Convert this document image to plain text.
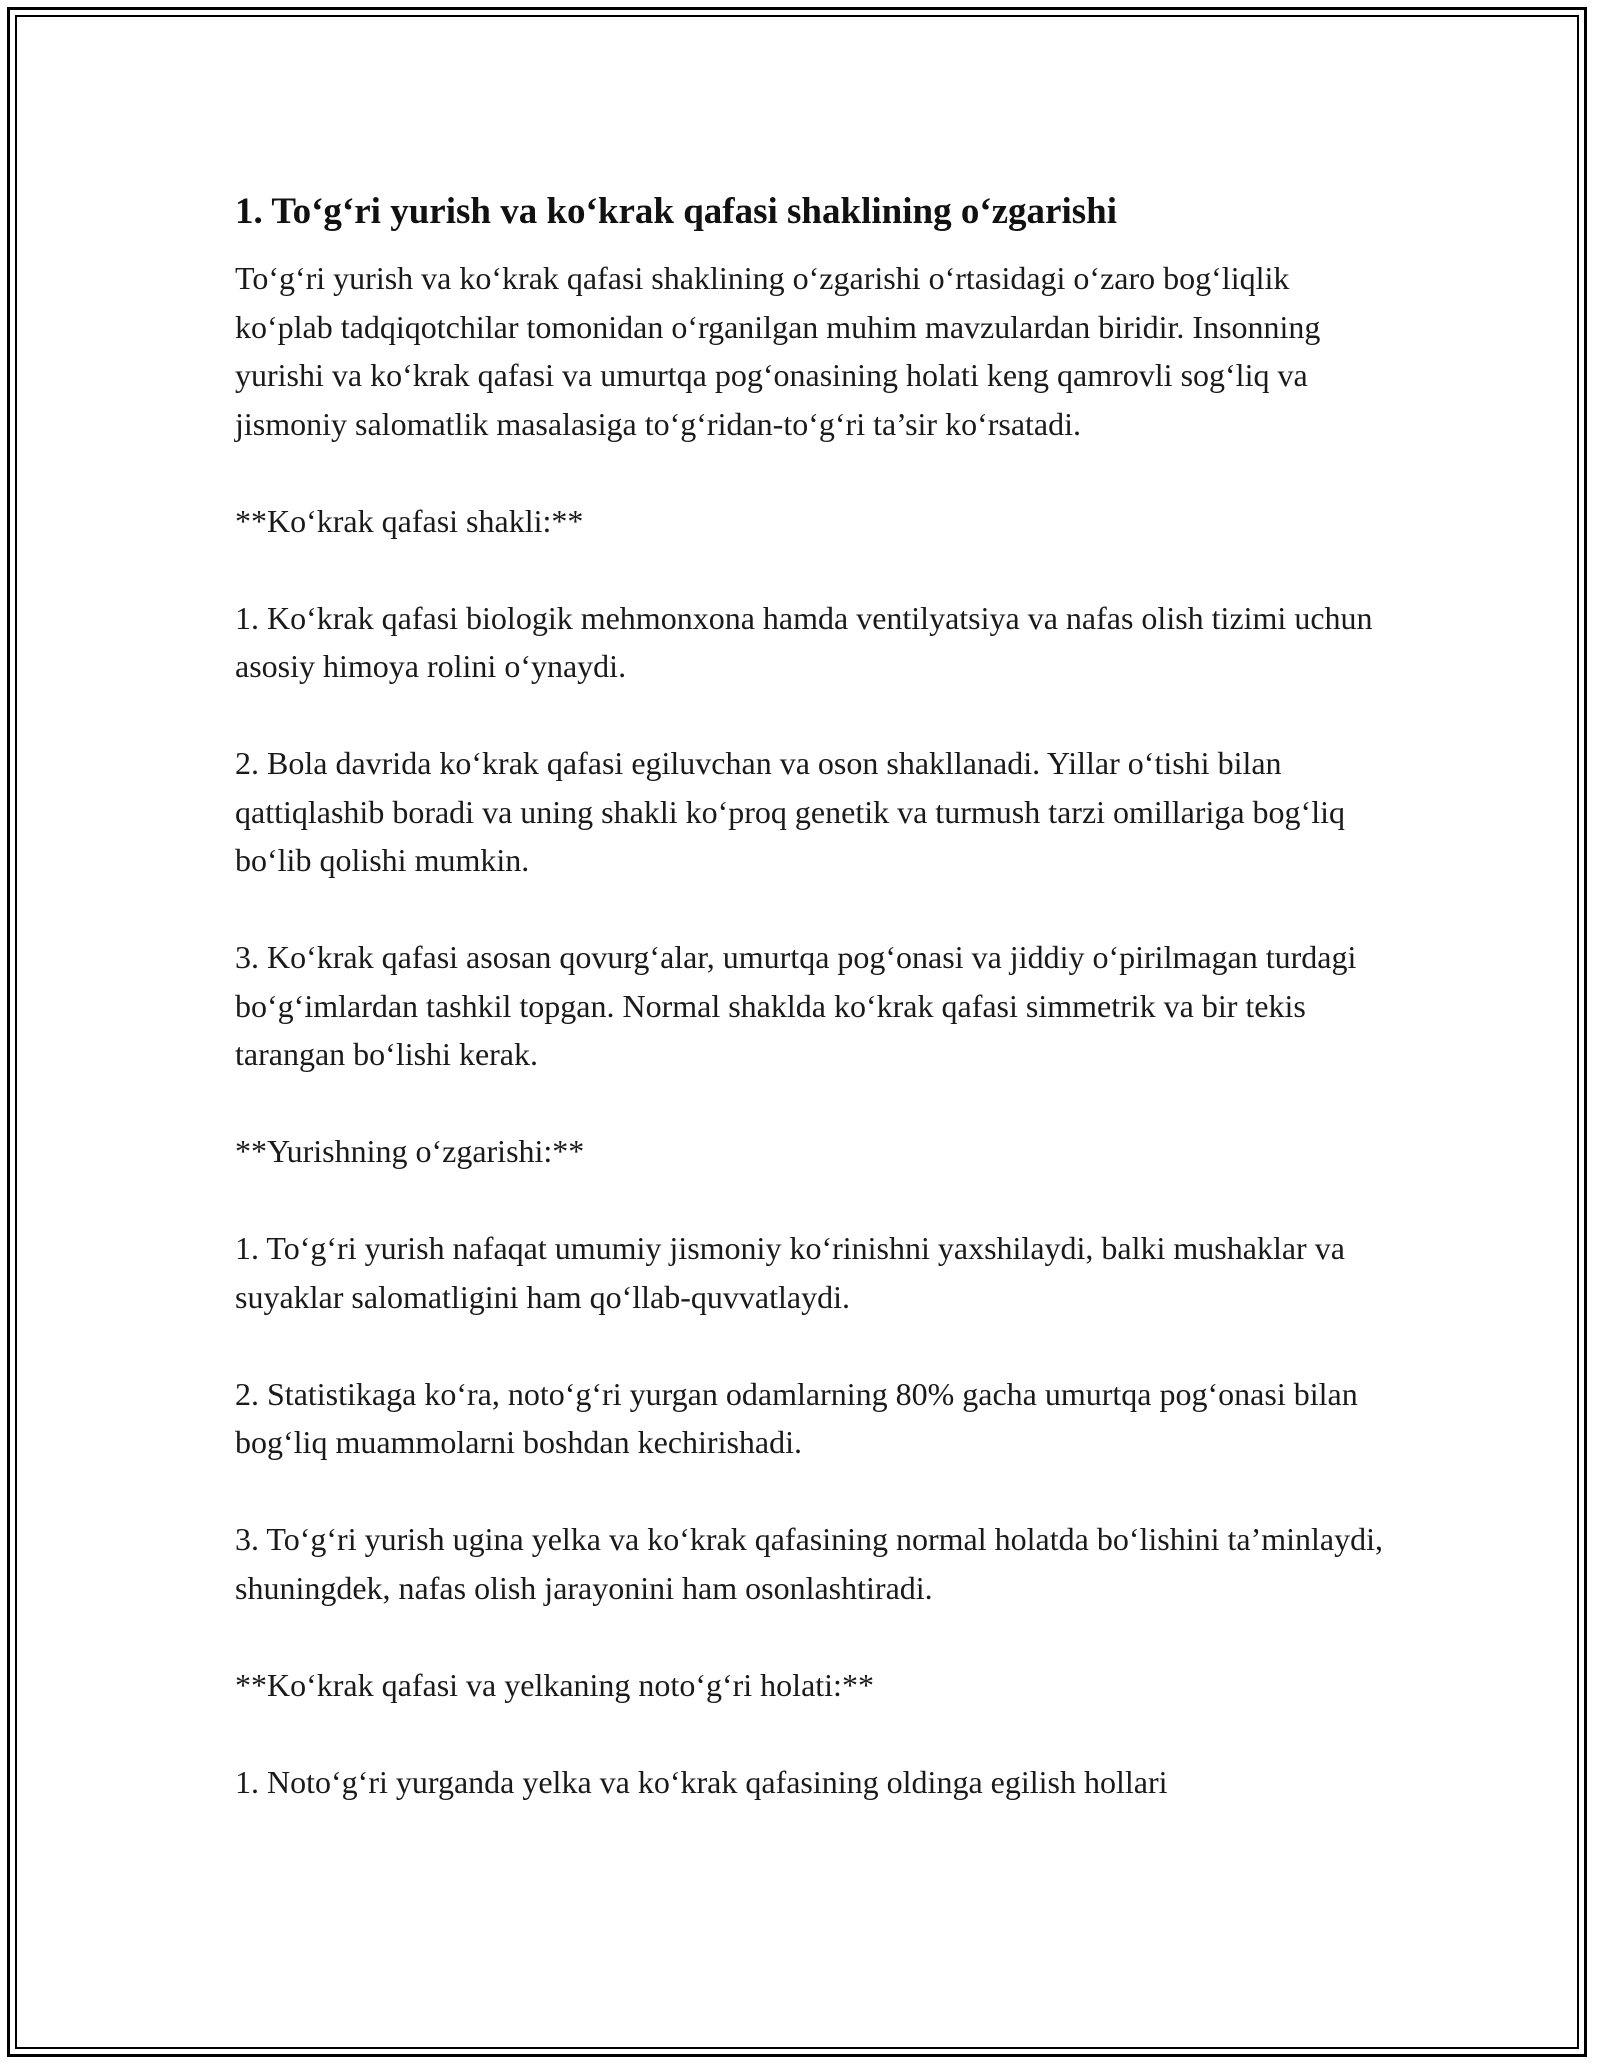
1. To‘g‘ri yurish va ko‘krak qafasi shaklining o‘zgarishi

To‘g‘ri yurish va ko‘krak qafasi shaklining o‘zgarishi o‘rtasidagi o‘zaro bog‘liqlik ko‘plab tadqiqotchilar tomonidan o‘rganilgan muhim mavzulardan biridir. Insonning yurishi va ko‘krak qafasi va umurtqa pog‘onasining holati keng qamrovli sog‘liq va jismoniy salomatlik masalasiga to‘g‘ridan-to‘g‘ri ta’sir ko‘rsatadi.

**Ko‘krak qafasi shakli:**

1. Ko‘krak qafasi biologik mehmonxona hamda ventilyatsiya va nafas olish tizimi uchun asosiy himoya rolini o‘ynaydi.

2. Bola davrida ko‘krak qafasi egiluvchan va oson shakllanadi. Yillar o‘tishi bilan qattiqlashib boradi va uning shakli ko‘proq genetik va turmush tarzi omillariga bog‘liq bo‘lib qolishi mumkin.

3. Ko‘krak qafasi asosan qovurg‘alar, umurtqa pog‘onasi va jiddiy o‘pirilmagan turdagi bo‘g‘imlardan tashkil topgan. Normal shaklda ko‘krak qafasi simmetrik va bir tekis tarangan bo‘lishi kerak.

**Yurishning o‘zgarishi:**

1. To‘g‘ri yurish nafaqat umumiy jismoniy ko‘rinishni yaxshilaydi, balki mushaklar va suyaklar salomatligini ham qo‘llab-quvvatlaydi.

2. Statistikaga ko‘ra, noto‘g‘ri yurgan odamlarning 80% gacha umurtqa pog‘onasi bilan bog‘liq muammolarni boshdan kechirishadi.

3. To‘g‘ri yurish ugina yelka va ko‘krak qafasining normal holatda bo‘lishini ta’minlaydi, shuningdek, nafas olish jarayonini ham osonlashtiradi.

**Ko‘krak qafasi va yelkaning noto‘g‘ri holati:**

1. Noto‘g‘ri yurganda yelka va ko‘krak qafasining oldinga egilish hollari
